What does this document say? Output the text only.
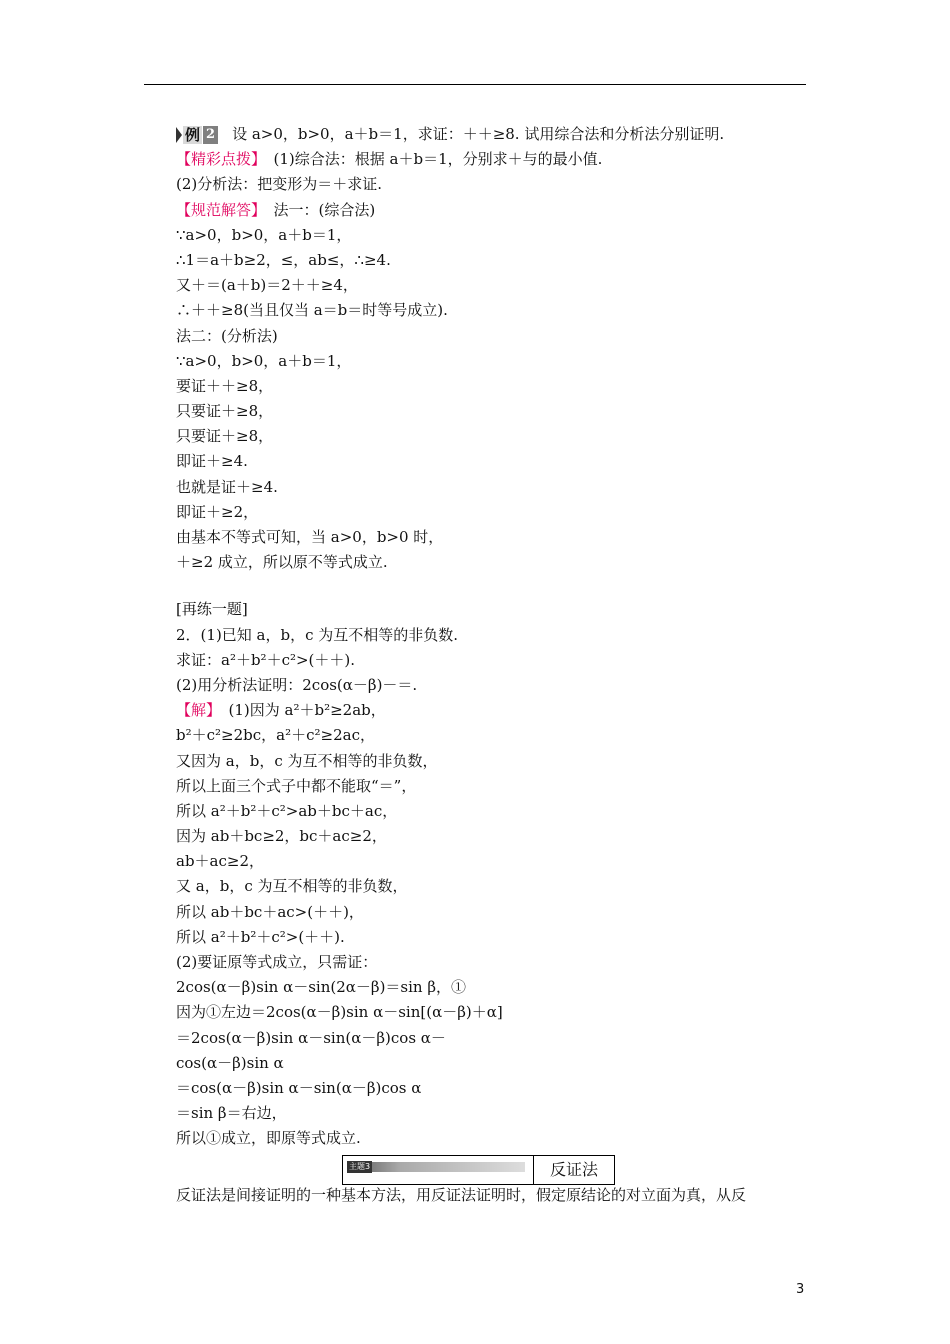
例 2 设 a>0，b>0，a＋b＝1，求证：＋＋≥8. 试用综合法和分析法分别证明.
【精彩点拨】　(1)综合法：根据 a＋b＝1，分别求＋与的最小值.
(2)分析法：把变形为＝＋求证.
【规范解答】　法一：(综合法)
∵a>0，b>0，a＋b＝1，
∴1＝a＋b≥2，≤，ab≤，∴≥4.
又＋＝(a＋b)＝2＋＋≥4，
∴＋＋≥8(当且仅当 a＝b＝时等号成立).
法二：(分析法)
∵a>0，b>0，a＋b＝1，
要证＋＋≥8，
只要证＋≥8，
只要证＋≥8，
即证＋≥4.
也就是证＋≥4.
即证＋≥2，
由基本不等式可知，当 a>0，b>0 时，
＋≥2 成立，所以原不等式成立.
[再练一题]
2．(1)已知 a，b，c 为互不相等的非负数.
求证：a²＋b²＋c²>(＋＋).
(2)用分析法证明：2cos(α－β)－＝.
【解】　(1)因为 a²＋b²≥2ab，
b²＋c²≥2bc，a²＋c²≥2ac，
又因为 a，b，c 为互不相等的非负数，
所以上面三个式子中都不能取“＝”，
所以 a²＋b²＋c²>ab＋bc＋ac，
因为 ab＋bc≥2，bc＋ac≥2，
ab＋ac≥2，
又 a，b，c 为互不相等的非负数，
所以 ab＋bc＋ac>(＋＋)，
所以 a²＋b²＋c²>(＋＋).
(2)要证原等式成立，只需证：
2cos(α－β)sin α－sin(2α－β)＝sin β，①
因为①左边＝2cos(α－β)sin α－sin[(α－β)＋α]
＝2cos(α－β)sin α－sin(α－β)cos α－
cos(α－β)sin α
＝cos(α－β)sin α－sin(α－β)cos α
＝sin β＝右边，
所以①成立，即原等式成立.
主题3	反证法
反证法是间接证明的一种基本方法，用反证法证明时，假定原结论的对立面为真，从反
3
